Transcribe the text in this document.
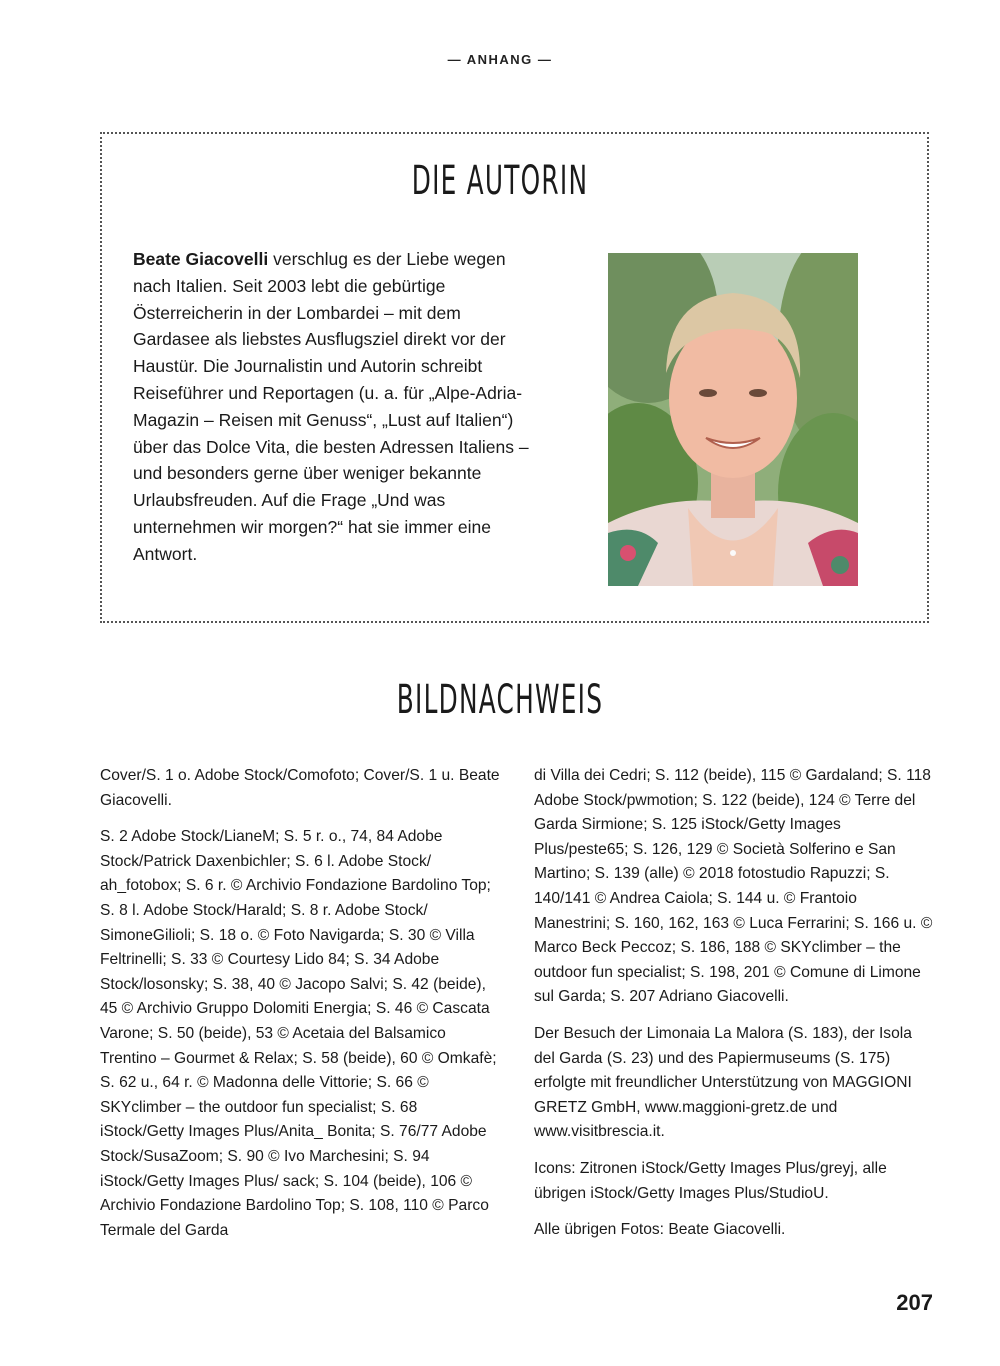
— ANHANG —
DIE AUTORIN
Beate Giacovelli verschlug es der Liebe wegen nach Italien. Seit 2003 lebt die gebürtige Österreicherin in der Lombardei – mit dem Gardasee als liebstes Ausflugsziel direkt vor der Haustür. Die Journalistin und Autorin schreibt Reiseführer und Reportagen (u. a. für „Alpe-Adria-Magazin – Reisen mit Genuss“, „Lust auf Italien“) über das Dolce Vita, die besten Adressen Italiens – und besonders gerne über weniger bekannte Urlaubsfreuden. Auf die Frage „Und was unternehmen wir morgen?“ hat sie immer eine Antwort.
BILDNACHWEIS

Cover/S. 1 o. Adobe Stock/Comofoto; Cover/S. 1 u. Beate Giacovelli.

S. 2 Adobe Stock/LianeM; S. 5 r. o., 74, 84 Adobe Stock/Patrick Daxenbichler; S. 6 l. Adobe Stock/ ah_fotobox; S. 6 r. © Archivio Fondazione Bardolino Top; S. 8 l. Adobe Stock/Harald; S. 8 r. Adobe Stock/ SimoneGilioli; S. 18 o. © Foto Navigarda; S. 30 © Villa Feltrinelli; S. 33 © Courtesy Lido 84; S. 34 Adobe Stock/losonsky; S. 38, 40 © Jacopo Salvi; S. 42 (beide), 45 © Archivio Gruppo Dolomiti Energia; S. 46 © Cascata Varone; S. 50 (beide), 53 © Acetaia del Balsamico Trentino – Gourmet & Relax; S. 58 (beide), 60 © Omkafè; S. 62 u., 64 r. © Madonna delle Vittorie; S. 66 © SKYclimber – the outdoor fun specialist; S. 68 iStock/Getty Images Plus/Anita_ Bonita; S. 76/77 Adobe Stock/SusaZoom; S. 90 © Ivo Marchesini; S. 94 iStock/Getty Images Plus/ sack; S. 104 (beide), 106 © Archivio Fondazione Bardolino Top; S. 108, 110 © Parco Termale del Garda

di Villa dei Cedri; S. 112 (beide), 115 © Gardaland; S. 118 Adobe Stock/pwmotion; S. 122 (beide), 124 © Terre del Garda Sirmione; S. 125 iStock/Getty Images Plus/peste65; S. 126, 129 © Società Solferino e San Martino; S. 139 (alle) © 2018 fotostudio Rapuzzi; S. 140/141 © Andrea Caiola; S. 144 u. © Frantoio Manestrini; S. 160, 162, 163 © Luca Ferrarini; S. 166 u. © Marco Beck Peccoz; S. 186, 188 © SKYclimber – the outdoor fun specialist; S. 198, 201 © Comune di Limone sul Garda; S. 207 Adriano Giacovelli.

Der Besuch der Limonaia La Malora (S. 183), der Isola del Garda (S. 23) und des Papiermuseums (S. 175) erfolgte mit freundlicher Unterstützung von MAGGIONI GRETZ GmbH, www.maggioni-gretz.de und www.visitbrescia.it.

Icons: Zitronen iStock/Getty Images Plus/greyj, alle übrigen iStock/Getty Images Plus/StudioU.

Alle übrigen Fotos: Beate Giacovelli.

207
